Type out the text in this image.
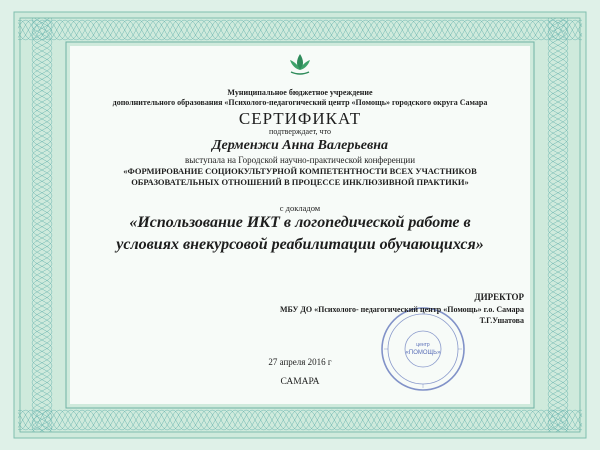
Муниципальное бюджетное учреждение
дополнительного образования «Психолого-педагогический центр «Помощь» городского округа Самара
СЕРТИФИКАТ
подтверждает, что
Дерменжи Анна Валерьевна
выступала на Городской научно-практической конференции
«ФОРМИРОВАНИЕ СОЦИОКУЛЬТУРНОЙ КОМПЕТЕНТНОСТИ ВСЕХ УЧАСТНИКОВ
ОБРАЗОВАТЕЛЬНЫХ ОТНОШЕНИЙ В ПРОЦЕССЕ ИНКЛЮЗИВНОЙ ПРАКТИКИ»
с докладом
«Использование ИКТ в логопедической работе в
условиях внекурсовой реабилитации обучающихся»
центр
«ПОМОЩЬ»
ДИРЕКТОР
МБУ ДО «Психолого- педагогический центр «Помощь» г.о. Самара
Т.Г.Ушатова
27 апреля 2016 г
САМАРА
